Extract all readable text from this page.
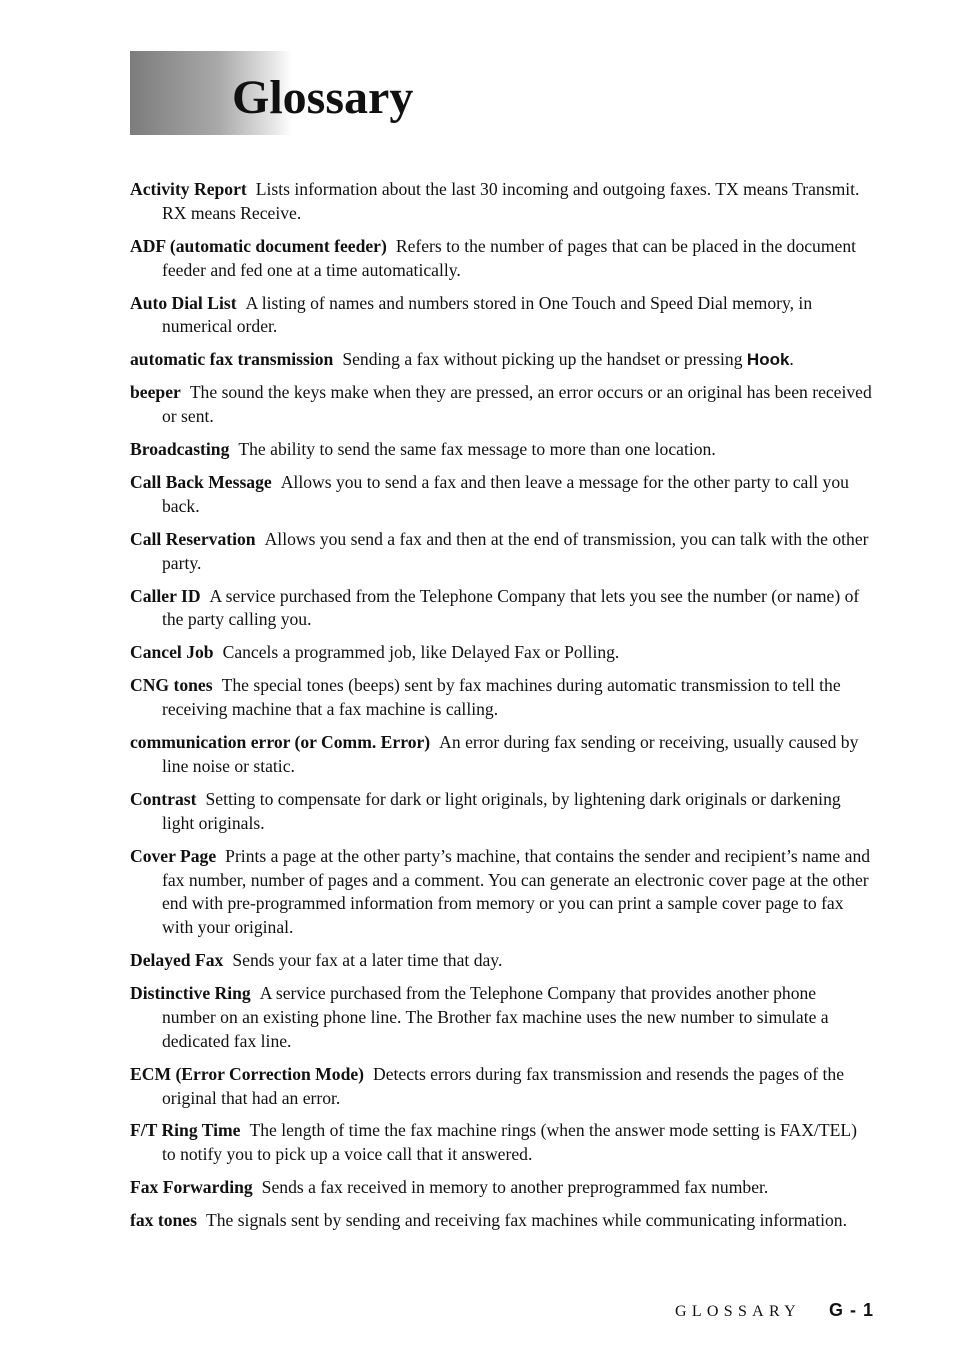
Glossary

Activity Report Lists information about the last 30 incoming and outgoing faxes. TX means Transmit. RX means Receive.

ADF (automatic document feeder) Refers to the number of pages that can be placed in the document feeder and fed one at a time automatically.

Auto Dial List A listing of names and numbers stored in One Touch and Speed Dial memory, in numerical order.

automatic fax transmission Sending a fax without picking up the handset or pressing Hook.

beeper The sound the keys make when they are pressed, an error occurs or an original has been received or sent.

Broadcasting The ability to send the same fax message to more than one location.

Call Back Message Allows you to send a fax and then leave a message for the other party to call you back.

Call Reservation Allows you send a fax and then at the end of transmission, you can talk with the other party.

Caller ID A service purchased from the Telephone Company that lets you see the number (or name) of the party calling you.

Cancel Job Cancels a programmed job, like Delayed Fax or Polling.

CNG tones The special tones (beeps) sent by fax machines during automatic transmission to tell the receiving machine that a fax machine is calling.

communication error (or Comm. Error) An error during fax sending or receiving, usually caused by line noise or static.

Contrast Setting to compensate for dark or light originals, by lightening dark originals or darkening light originals.

Cover Page Prints a page at the other party’s machine, that contains the sender and recipient’s name and fax number, number of pages and a comment. You can generate an electronic cover page at the other end with pre-programmed information from memory or you can print a sample cover page to fax with your original.

Delayed Fax Sends your fax at a later time that day.

Distinctive Ring A service purchased from the Telephone Company that provides another phone number on an existing phone line. The Brother fax machine uses the new number to simulate a dedicated fax line.

ECM (Error Correction Mode) Detects errors during fax transmission and resends the pages of the original that had an error.

F/T Ring Time The length of time the fax machine rings (when the answer mode setting is FAX/TEL) to notify you to pick up a voice call that it answered.

Fax Forwarding Sends a fax received in memory to another preprogrammed fax number.

fax tones The signals sent by sending and receiving fax machines while communicating information.

GLOSSARY G - 1
